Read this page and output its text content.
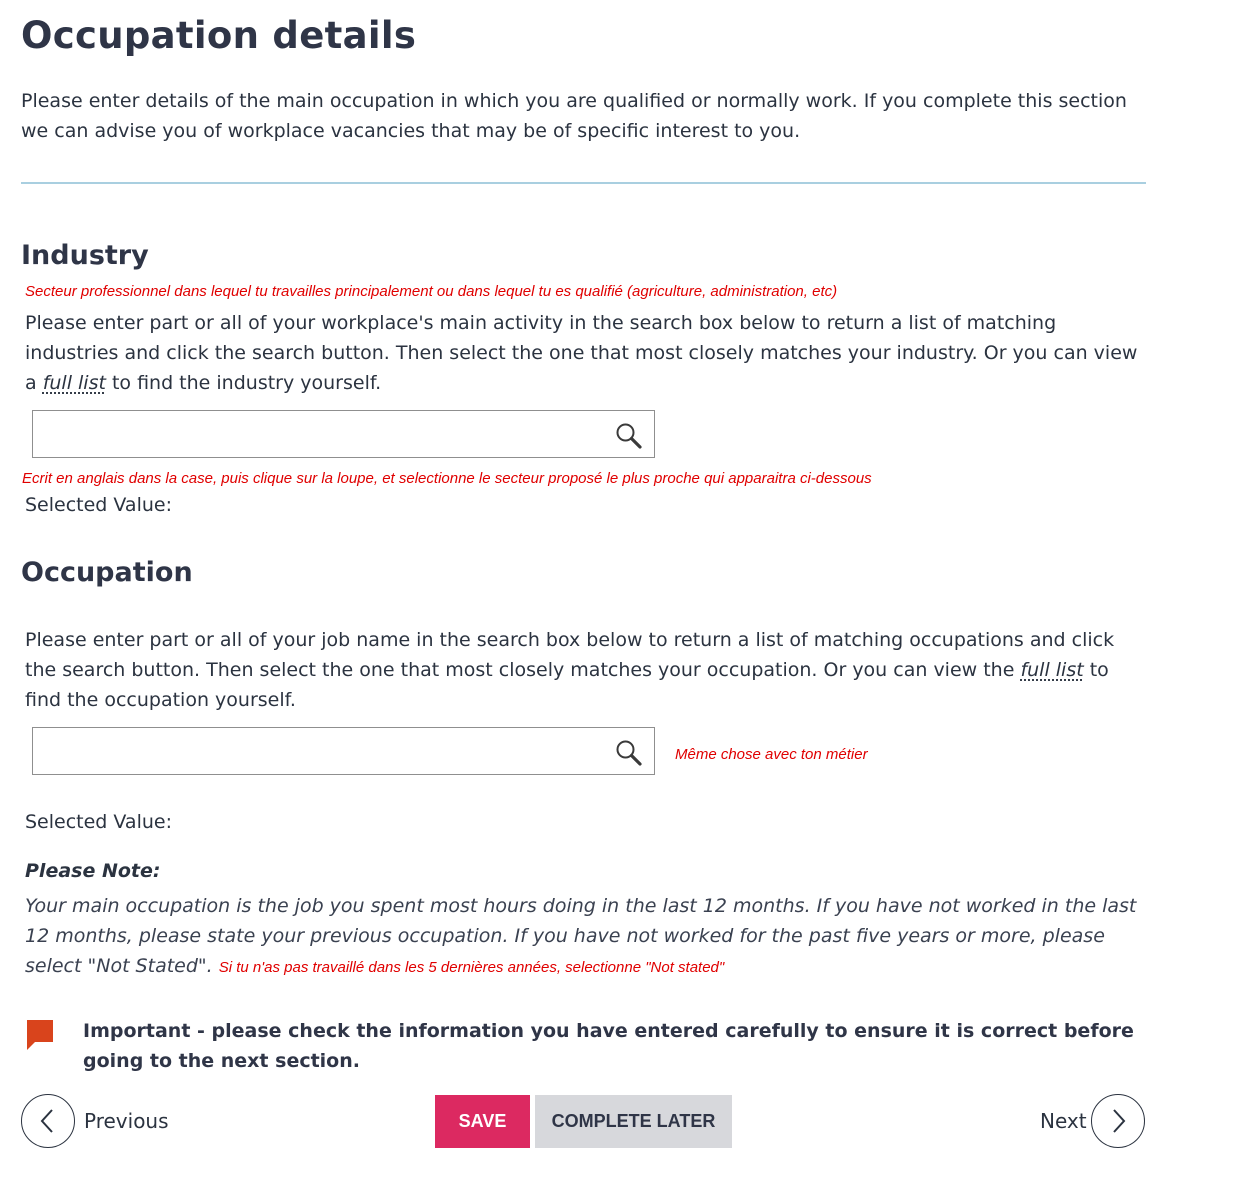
Occupation details
Please enter details of the main occupation in which you are qualified or normally work. If you complete this section we can advise you of workplace vacancies that may be of specific interest to you.
Industry
Secteur professionnel dans lequel tu travailles principalement ou dans lequel tu es qualifié (agriculture, administration, etc)
Please enter part or all of your workplace's main activity in the search box below to return a list of matching industries and click the search button. Then select the one that most closely matches your industry. Or you can view a full list to find the industry yourself.
Ecrit en anglais dans la case, puis clique sur la loupe, et selectionne le secteur proposé le plus proche qui apparaitra ci-dessous
Selected Value:
Occupation
Please enter part or all of your job name in the search box below to return a list of matching occupations and click the search button. Then select the one that most closely matches your occupation. Or you can view the full list to find the occupation yourself.
Même chose avec ton métier
Selected Value:
Please Note:
Your main occupation is the job you spent most hours doing in the last 12 months. If you have not worked in the last 12 months, please state your previous occupation. If you have not worked for the past five years or more, please select "Not Stated". Si tu n'as pas travaillé dans les 5 dernières années, selectionne "Not stated"
Important - please check the information you have entered carefully to ensure it is correct before going to the next section.
Previous	SAVE	COMPLETE LATER	Next
